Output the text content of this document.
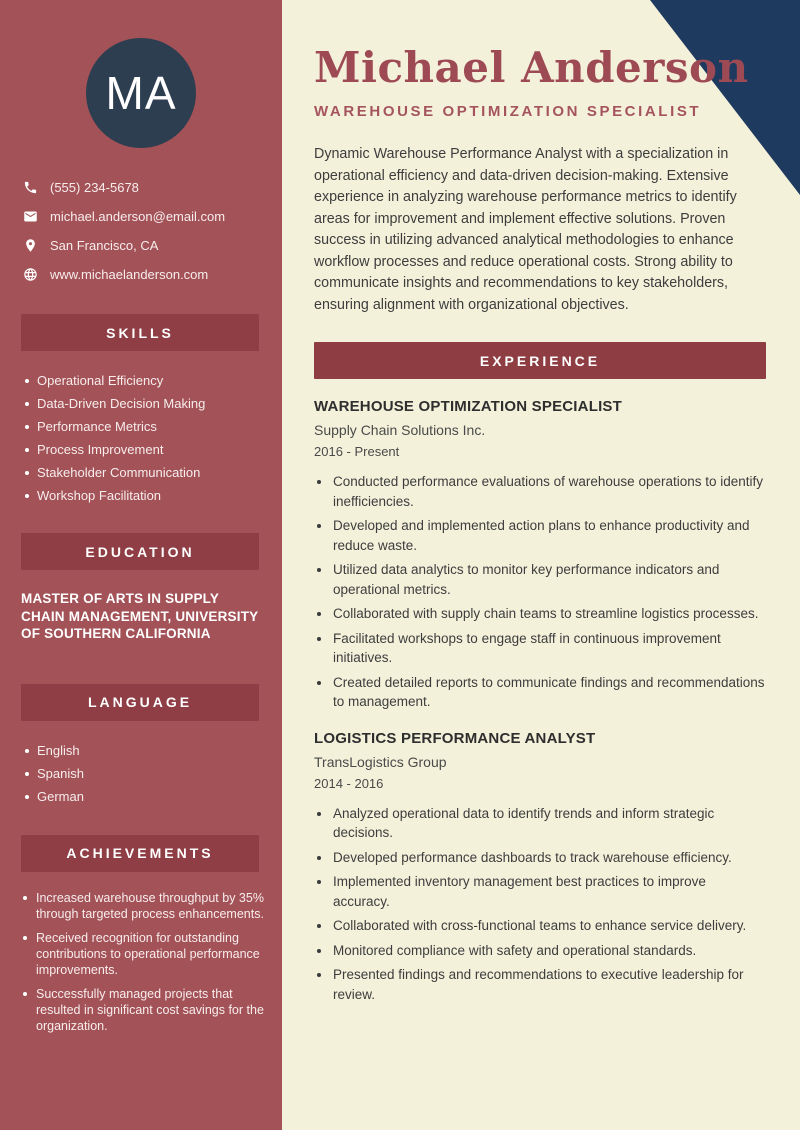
MA
(555) 234-5678
michael.anderson@email.com
San Francisco, CA
www.michaelanderson.com
SKILLS
Operational Efficiency
Data-Driven Decision Making
Performance Metrics
Process Improvement
Stakeholder Communication
Workshop Facilitation
EDUCATION
MASTER OF ARTS IN SUPPLY CHAIN MANAGEMENT, UNIVERSITY OF SOUTHERN CALIFORNIA
LANGUAGE
English
Spanish
German
ACHIEVEMENTS
Increased warehouse throughput by 35% through targeted process enhancements.
Received recognition for outstanding contributions to operational performance improvements.
Successfully managed projects that resulted in significant cost savings for the organization.
Michael Anderson
WAREHOUSE OPTIMIZATION SPECIALIST

Dynamic Warehouse Performance Analyst with a specialization in operational efficiency and data-driven decision-making. Extensive experience in analyzing warehouse performance metrics to identify areas for improvement and implement effective solutions. Proven success in utilizing advanced analytical methodologies to enhance workflow processes and reduce operational costs. Strong ability to communicate insights and recommendations to key stakeholders, ensuring alignment with organizational objectives.

EXPERIENCE
WAREHOUSE OPTIMIZATION SPECIALIST
Supply Chain Solutions Inc.
2016 - Present
Conducted performance evaluations of warehouse operations to identify inefficiencies.
Developed and implemented action plans to enhance productivity and reduce waste.
Utilized data analytics to monitor key performance indicators and operational metrics.
Collaborated with supply chain teams to streamline logistics processes.
Facilitated workshops to engage staff in continuous improvement initiatives.
Created detailed reports to communicate findings and recommendations to management.
LOGISTICS PERFORMANCE ANALYST
TransLogistics Group
2014 - 2016
Analyzed operational data to identify trends and inform strategic decisions.
Developed performance dashboards to track warehouse efficiency.
Implemented inventory management best practices to improve accuracy.
Collaborated with cross-functional teams to enhance service delivery.
Monitored compliance with safety and operational standards.
Presented findings and recommendations to executive leadership for review.
